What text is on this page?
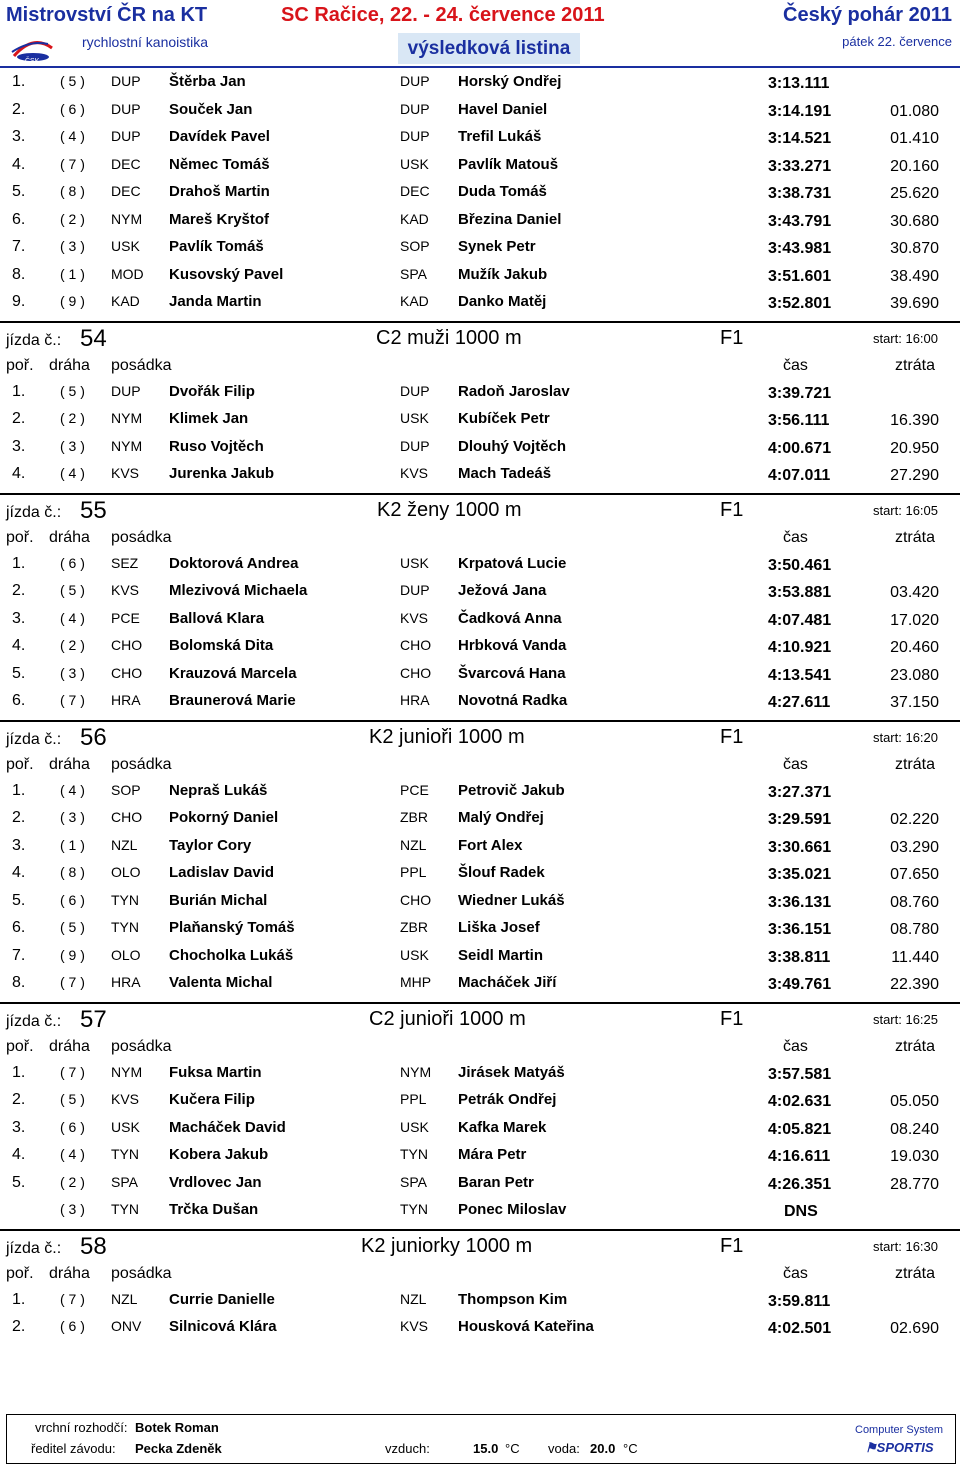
Mistrovství ČR na KT	SC Račice, 22. - 24. července 2011	Český pohár 2011
ČSK
rychlostní kanoistika	výsledková listina	pátek 22. července
1. ( 5 ) DUP Štěrba Jan	DUP Horský Ondřej	3:13.111
2. ( 6 ) DUP Souček Jan	DUP Havel Daniel	3:14.191	01.080
3. ( 4 ) DUP Davídek Pavel	DUP Trefil Lukáš	3:14.521	01.410
4. ( 7 ) DEC Němec Tomáš	USK Pavlík Matouš	3:33.271	20.160
5. ( 8 ) DEC Drahoš Martin	DEC Duda Tomáš	3:38.731	25.620
6. ( 2 ) NYM Mareš Kryštof	KAD Březina Daniel	3:43.791	30.680
7. ( 3 ) USK Pavlík Tomáš	SOP Synek Petr	3:43.981	30.870
8. ( 1 ) MOD Kusovský Pavel	SPA Mužík Jakub	3:51.601	38.490
9. ( 9 ) KAD Janda Martin	KAD Danko Matěj	3:52.801	39.690
jízda č.: 54	C2 muži 1000 m	F1	start: 16:00
poř. dráha posádka	čas	ztráta
1. ( 5 ) DUP Dvořák Filip	DUP Radoň Jaroslav	3:39.721
2. ( 2 ) NYM Klimek Jan	USK Kubíček Petr	3:56.111	16.390
3. ( 3 ) NYM Ruso Vojtěch	DUP Dlouhý Vojtěch	4:00.671	20.950
4. ( 4 ) KVS Jurenka Jakub	KVS Mach Tadeáš	4:07.011	27.290
jízda č.: 55	K2 ženy 1000 m	F1	start: 16:05
poř. dráha posádka	čas	ztráta
1. ( 6 ) SEZ Doktorová Andrea	USK Krpatová Lucie	3:50.461
2. ( 5 ) KVS Mlezivová Michaela	DUP Ježová Jana	3:53.881	03.420
3. ( 4 ) PCE Ballová Klara	KVS Čadková Anna	4:07.481	17.020
4. ( 2 ) CHO Bolomská Dita	CHO Hrbková Vanda	4:10.921	20.460
5. ( 3 ) CHO Krauzová Marcela	CHO Švarcová Hana	4:13.541	23.080
6. ( 7 ) HRA Braunerová Marie	HRA Novotná Radka	4:27.611	37.150
jízda č.: 56	K2 junioři 1000 m	F1	start: 16:20
poř. dráha posádka	čas	ztráta
1. ( 4 ) SOP Nepraš Lukáš	PCE Petrovič Jakub	3:27.371
2. ( 3 ) CHO Pokorný Daniel	ZBR Malý Ondřej	3:29.591	02.220
3. ( 1 ) NZL Taylor Cory	NZL Fort Alex	3:30.661	03.290
4. ( 8 ) OLO Ladislav David	PPL Šlouf Radek	3:35.021	07.650
5. ( 6 ) TYN Burián Michal	CHO Wiedner Lukáš	3:36.131	08.760
6. ( 5 ) TYN Plaňanský Tomáš	ZBR Liška Josef	3:36.151	08.780
7. ( 9 ) OLO Chocholka Lukáš	USK Seidl Martin	3:38.811	11.440
8. ( 7 ) HRA Valenta Michal	MHP Macháček Jiří	3:49.761	22.390
jízda č.: 57	C2 junioři 1000 m	F1	start: 16:25
poř. dráha posádka	čas	ztráta
1. ( 7 ) NYM Fuksa Martin	NYM Jirásek Matyáš	3:57.581
2. ( 5 ) KVS Kučera Filip	PPL Petrák Ondřej	4:02.631	05.050
3. ( 6 ) USK Macháček David	USK Kafka Marek	4:05.821	08.240
4. ( 4 ) TYN Kobera Jakub	TYN Mára Petr	4:16.611	19.030
5. ( 2 ) SPA Vrdlovec Jan	SPA Baran Petr	4:26.351	28.770
( 3 ) TYN Trčka Dušan	TYN Ponec Miloslav	DNS
jízda č.: 58	K2 juniorky 1000 m	F1	start: 16:30
poř. dráha posádka	čas	ztráta
1. ( 7 ) NZL Currie Danielle	NZL Thompson Kim	3:59.811
2. ( 6 ) ONV Silnicová Klára	KVS Housková Kateřina	4:02.501	02.690
vrchní rozhodčí: Botek Roman
ředitel závodu: Pecka Zdeněk	vzduch:	15.0 °C voda: 20.0 °C
Computer System
⚑SPORTIS
